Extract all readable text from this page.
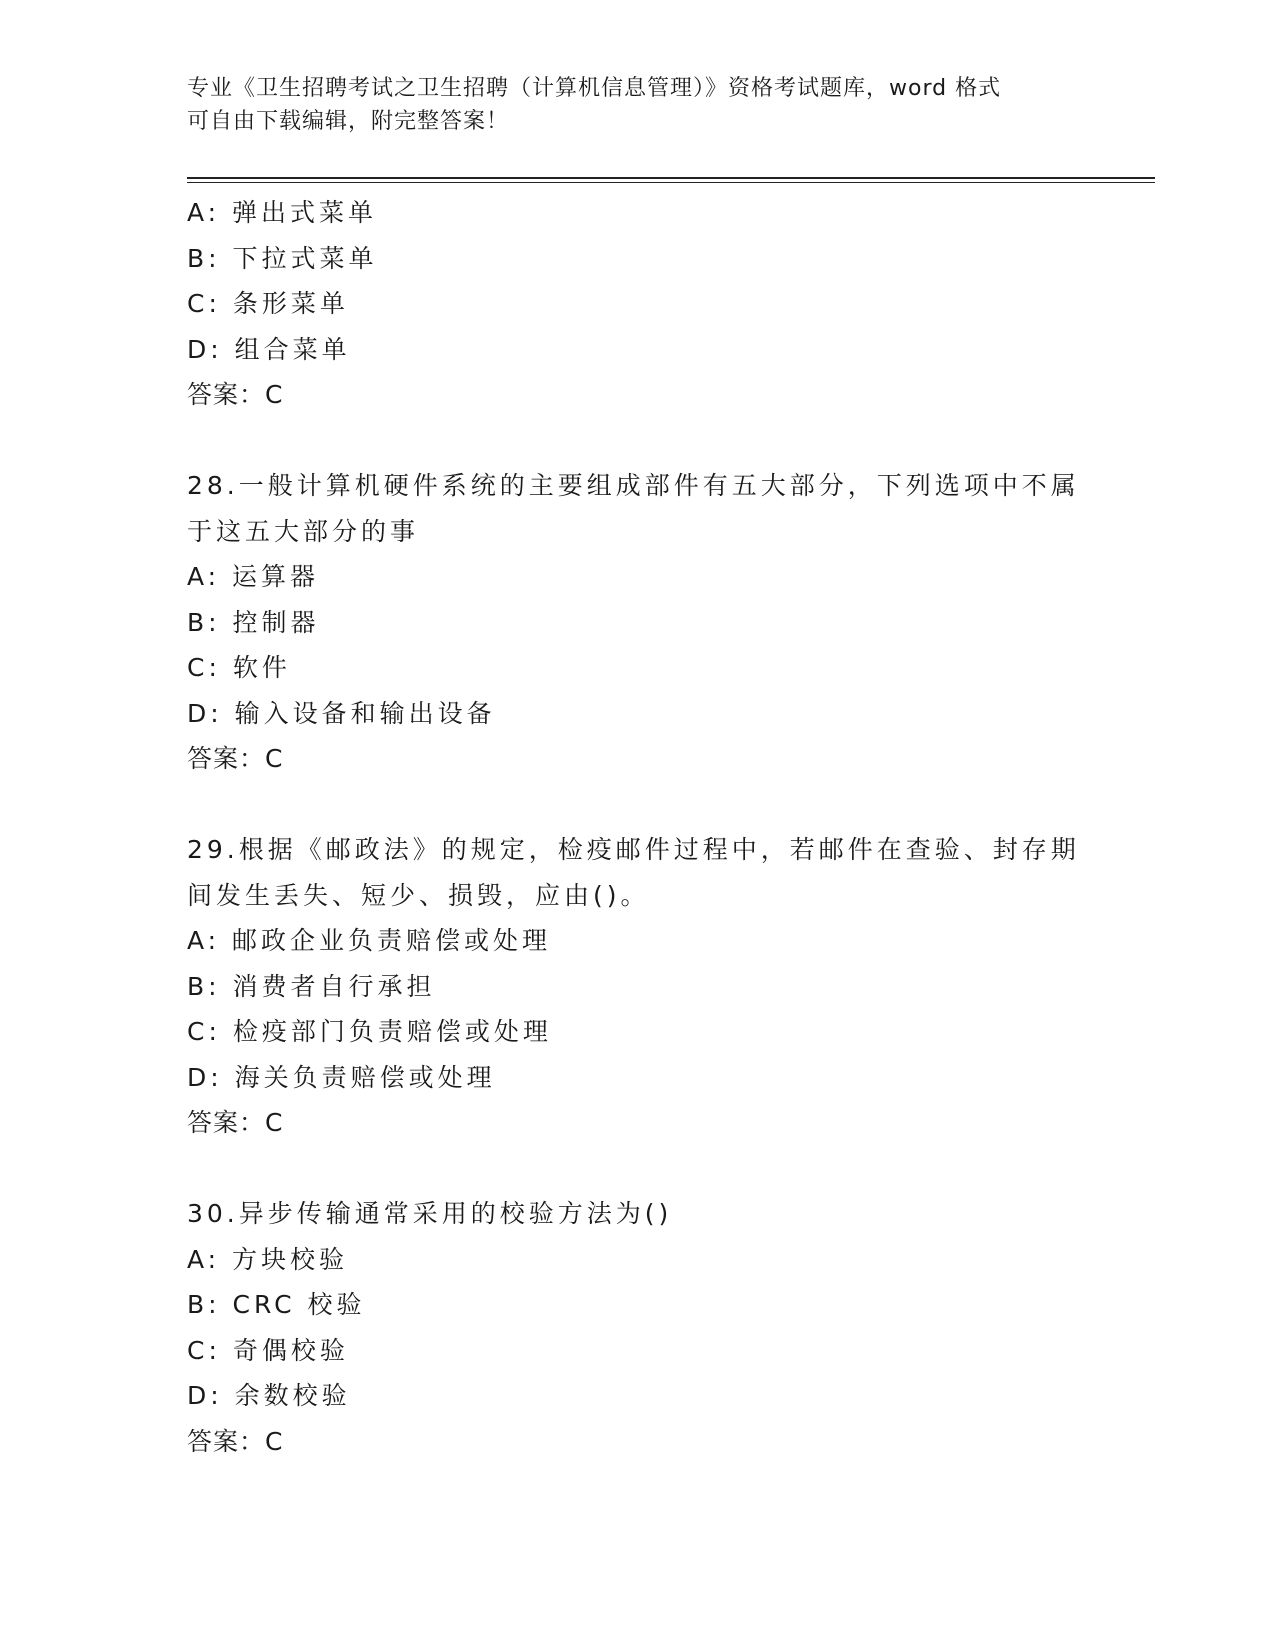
专业《卫生招聘考试之卫生招聘（计算机信息管理）》资格考试题库，word 格式
可自由下载编辑，附完整答案！
A: 弹出式菜单
B: 下拉式菜单
C: 条形菜单
D: 组合菜单
答案：C
28.一般计算机硬件系统的主要组成部件有五大部分，下列选项中不属
于这五大部分的事
A: 运算器
B: 控制器
C: 软件
D: 输入设备和输出设备
答案：C
29.根据《邮政法》的规定，检疫邮件过程中，若邮件在查验、封存期
间发生丢失、短少、损毁，应由()。
A: 邮政企业负责赔偿或处理
B: 消费者自行承担
C: 检疫部门负责赔偿或处理
D: 海关负责赔偿或处理
答案：C
30.异步传输通常采用的校验方法为()
A: 方块校验
B: CRC 校验
C: 奇偶校验
D: 余数校验
答案：C
